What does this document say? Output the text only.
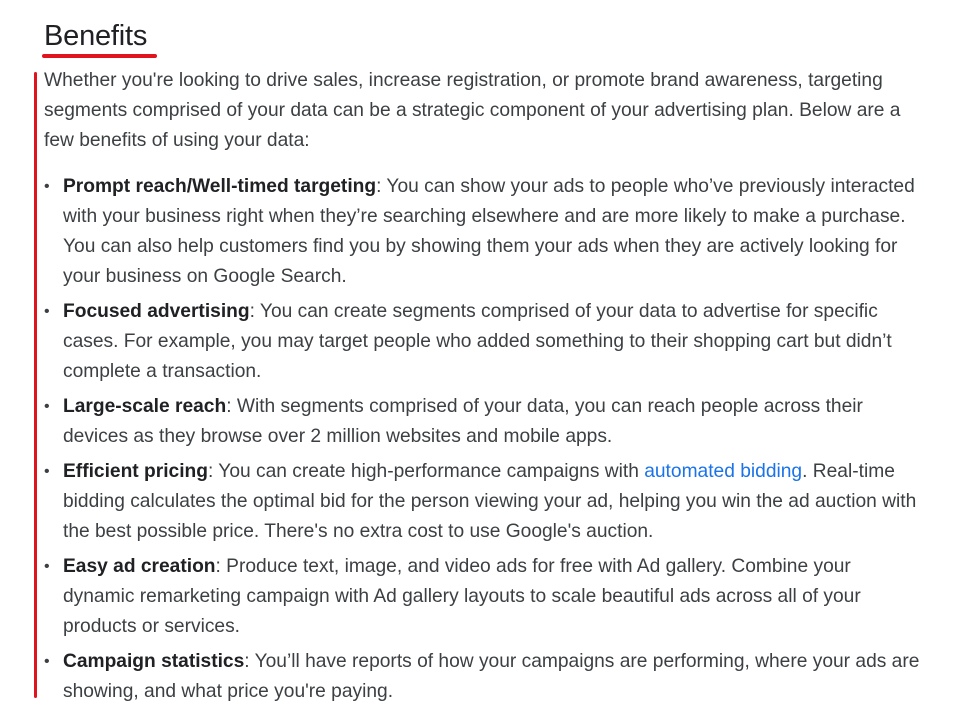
Benefits

Whether you're looking to drive sales, increase registration, or promote brand awareness, targeting segments comprised of your data can be a strategic component of your advertising plan. Below are a few benefits of using your data:

• Prompt reach/Well-timed targeting: You can show your ads to people who’ve previously interacted with your business right when they’re searching elsewhere and are more likely to make a purchase. You can also help customers find you by showing them your ads when they are actively looking for your business on Google Search.
• Focused advertising: You can create segments comprised of your data to advertise for specific cases. For example, you may target people who added something to their shopping cart but didn’t complete a transaction.
• Large-scale reach: With segments comprised of your data, you can reach people across their devices as they browse over 2 million websites and mobile apps.
• Efficient pricing: You can create high-performance campaigns with automated bidding. Real-time bidding calculates the optimal bid for the person viewing your ad, helping you win the ad auction with the best possible price. There's no extra cost to use Google's auction.
• Easy ad creation: Produce text, image, and video ads for free with Ad gallery. Combine your dynamic remarketing campaign with Ad gallery layouts to scale beautiful ads across all of your products or services.
• Campaign statistics: You’ll have reports of how your campaigns are performing, where your ads are showing, and what price you're paying.
